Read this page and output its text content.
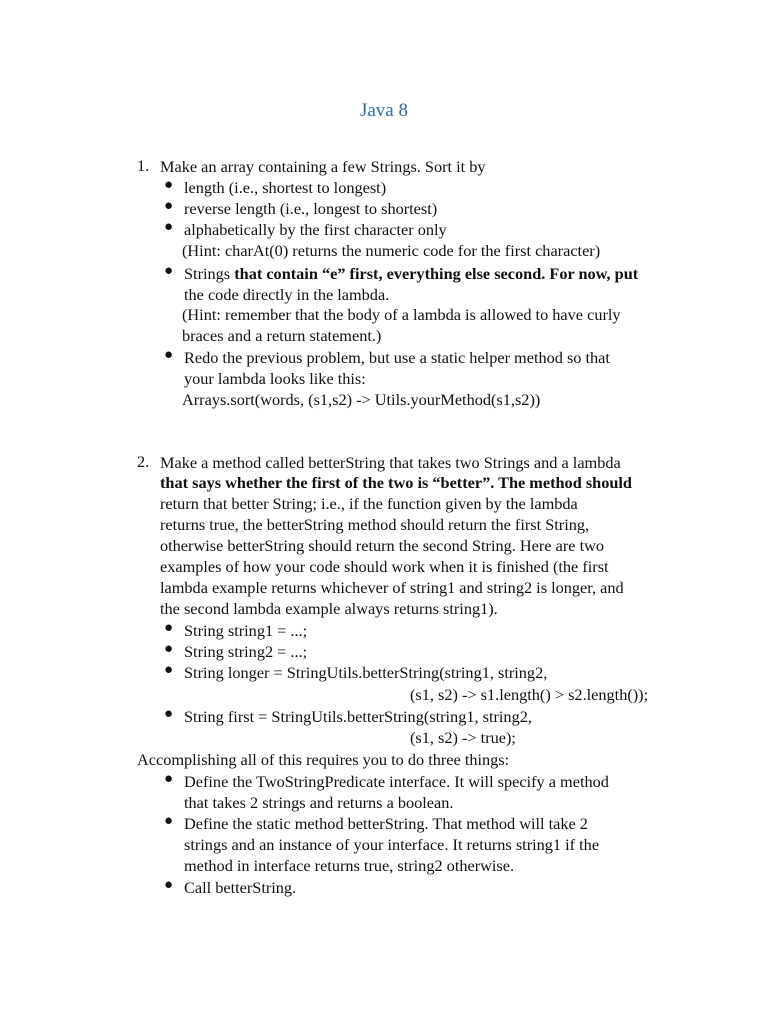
Java 8
1. Make an array containing a few Strings. Sort it by
● length (i.e., shortest to longest)
● reverse length (i.e., longest to shortest)
● alphabetically by the first character only
(Hint: charAt(0) returns the numeric code for the first character)
● Strings that contain “e” first, everything else second. For now, put
the code directly in the lambda.
(Hint: remember that the body of a lambda is allowed to have curly
braces and a return statement.)
● Redo the previous problem, but use a static helper method so that
your lambda looks like this:
Arrays.sort(words, (s1,s2) -> Utils.yourMethod(s1,s2))
2. Make a method called betterString that takes two Strings and a lambda
that says whether the first of the two is “better”. The method should
return that better String; i.e., if the function given by the lambda
returns true, the betterString method should return the first String,
otherwise betterString should return the second String. Here are two
examples of how your code should work when it is finished (the first
lambda example returns whichever of string1 and string2 is longer, and
the second lambda example always returns string1).
● String string1 = ...;
● String string2 = ...;
● String longer = StringUtils.betterString(string1, string2,
(s1, s2) -> s1.length() > s2.length());
● String first = StringUtils.betterString(string1, string2,
(s1, s2) -> true);
Accomplishing all of this requires you to do three things:
● Define the TwoStringPredicate interface. It will specify a method
that takes 2 strings and returns a boolean.
● Define the static method betterString. That method will take 2
strings and an instance of your interface. It returns string1 if the
method in interface returns true, string2 otherwise.
● Call betterString.
